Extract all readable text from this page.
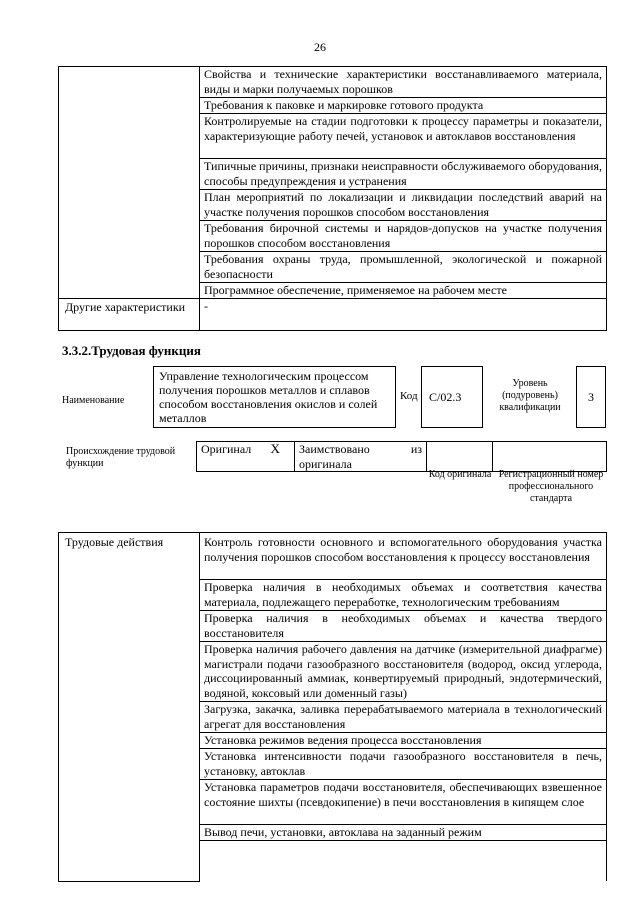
26
	Свойства и технические характеристики восстанавливаемого материала, виды и марки получаемых порошков
	Требования к паковке и маркировке готового продукта
	Контролируемые на стадии подготовки к процессу параметры и показатели, характеризующие работу печей, установок и автоклавов восстановления
	Типичные причины, признаки неисправности обслуживаемого оборудования, способы предупреждения и устранения
	План мероприятий по локализации и ликвидации последствий аварий на участке получения порошков способом восстановления
	Требования бирочной системы и нарядов-допусков на участке получения порошков способом восстановления
	Требования охраны труда, промышленной, экологической и пожарной безопасности
	Программное обеспечение, применяемое на рабочем месте
Другие характеристики	-
3.3.2.Трудовая функция
Наименование
Управление технологическим процессом получения порошков металлов и сплавов способом восстановления окислов и солей металлов
Код C/02.3
Уровень (подуровень) квалификации
3
Происхождение трудовой функции
Оригинал	X	Заимствовано из оригинала		
Код оригинала Регистрационный номер профессионального стандарта
Трудовые действия	Контроль готовности основного и вспомогательного оборудования участка получения порошков способом восстановления к процессу восстановления
Проверка наличия в необходимых объемах и соответствия качества материала, подлежащего переработке, технологическим требованиям
Проверка наличия в необходимых объемах и качества твердого восстановителя
Проверка наличия рабочего давления на датчике (измерительной диафрагме) магистрали подачи газообразного восстановителя (водород, оксид углерода, диссоциированный аммиак, конвертируемый природный, эндотермический, водяной, коксовый или доменный газы)
Загрузка, закачка, заливка перерабатываемого материала в технологический агрегат для восстановления
Установка режимов ведения процесса восстановления
Установка интенсивности подачи газообразного восстановителя в печь, установку, автоклав
Установка параметров подачи восстановителя, обеспечивающих взвешенное состояние шихты (псевдокипение) в печи восстановления в кипящем слое
Вывод печи, установки, автоклава на заданный режим
